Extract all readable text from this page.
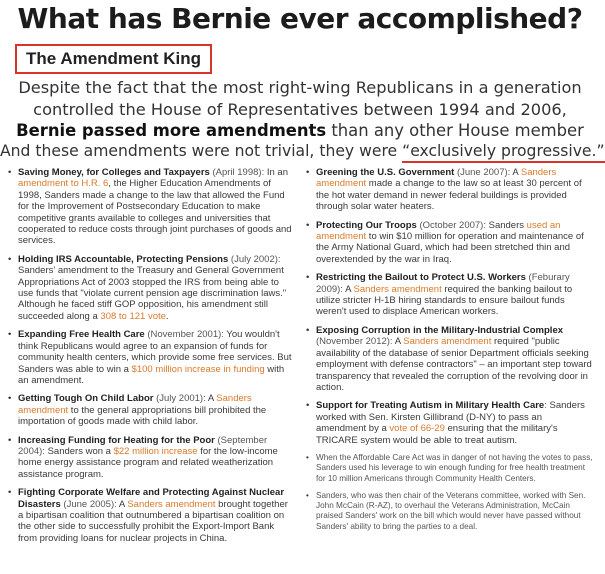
What has Bernie ever accomplished?
The Amendment King
Despite the fact that the most right-wing Republicans in a generation
controlled the House of Representatives between 1994 and 2006,
Bernie passed more amendments than any other House member
And these amendments were not trivial, they were “exclusively progressive.”
• Saving Money, for Colleges and Taxpayers (April 1998): In an amendment to H.R. 6, the Higher Education Amendments of 1998, Sanders made a change to the law that allowed the Fund for the Improvement of Postsecondary Education to make competitive grants available to colleges and universities that cooperated to reduce costs through joint purchases of goods and services.
• Holding IRS Accountable, Protecting Pensions (July 2002): Sanders' amendment to the Treasury and General Government Appropriations Act of 2003 stopped the IRS from being able to use funds that "violate current pension age discrimination laws." Although he faced stiff GOP opposition, his amendment still succeeded along a 308 to 121 vote.
• Expanding Free Health Care (November 2001): You wouldn't think Republicans would agree to an expansion of funds for community health centers, which provide some free services. But Sanders was able to win a $100 million increase in funding with an amendment.
• Getting Tough On Child Labor (July 2001): A Sanders amendment to the general appropriations bill prohibited the importation of goods made with child labor.
• Increasing Funding for Heating for the Poor (September 2004): Sanders won a $22 million increase for the low-income home energy assistance program and related weatherization assistance program.
• Fighting Corporate Welfare and Protecting Against Nuclear Disasters (June 2005): A Sanders amendment brought together a bipartisan coalition that outnumbered a bipartisan coalition on the other side to successfully prohibit the Export-Import Bank from providing loans for nuclear projects in China.
• Greening the U.S. Government (June 2007): A Sanders amendment made a change to the law so at least 30 percent of the hot water demand in newer federal buildings is provided through solar water heaters.
• Protecting Our Troops (October 2007): Sanders used an amendment to win $10 million for operation and maintenance of the Army National Guard, which had been stretched thin and overextended by the war in Iraq.
• Restricting the Bailout to Protect U.S. Workers (Feburary 2009): A Sanders amendment required the banking bailout to utilize stricter H-1B hiring standards to ensure bailout funds weren't used to displace American workers.
• Exposing Corruption in the Military-Industrial Complex (November 2012): A Sanders amendment required "public availability of the database of senior Department officials seeking employment with defense contractors" – an important step toward transparency that revealed the corruption of the revolving door in action.
• Support for Treating Autism in Military Health Care: Sanders worked with Sen. Kirsten Gillibrand (D-NY) to pass an amendment by a vote of 66-29 ensuring that the military's TRICARE system would be able to treat autism.
• When the Affordable Care Act was in danger of not having the votes to pass, Sanders used his leverage to win enough funding for free health treatment for 10 million Americans through Community Health Centers.
• Sanders, who was then chair of the Veterans committee, worked with Sen. John McCain (R-AZ), to overhaul the Veterans Administration, McCain praised Sanders' work on the bill which would never have passed without Sanders' ability to bring the parties to a deal.
